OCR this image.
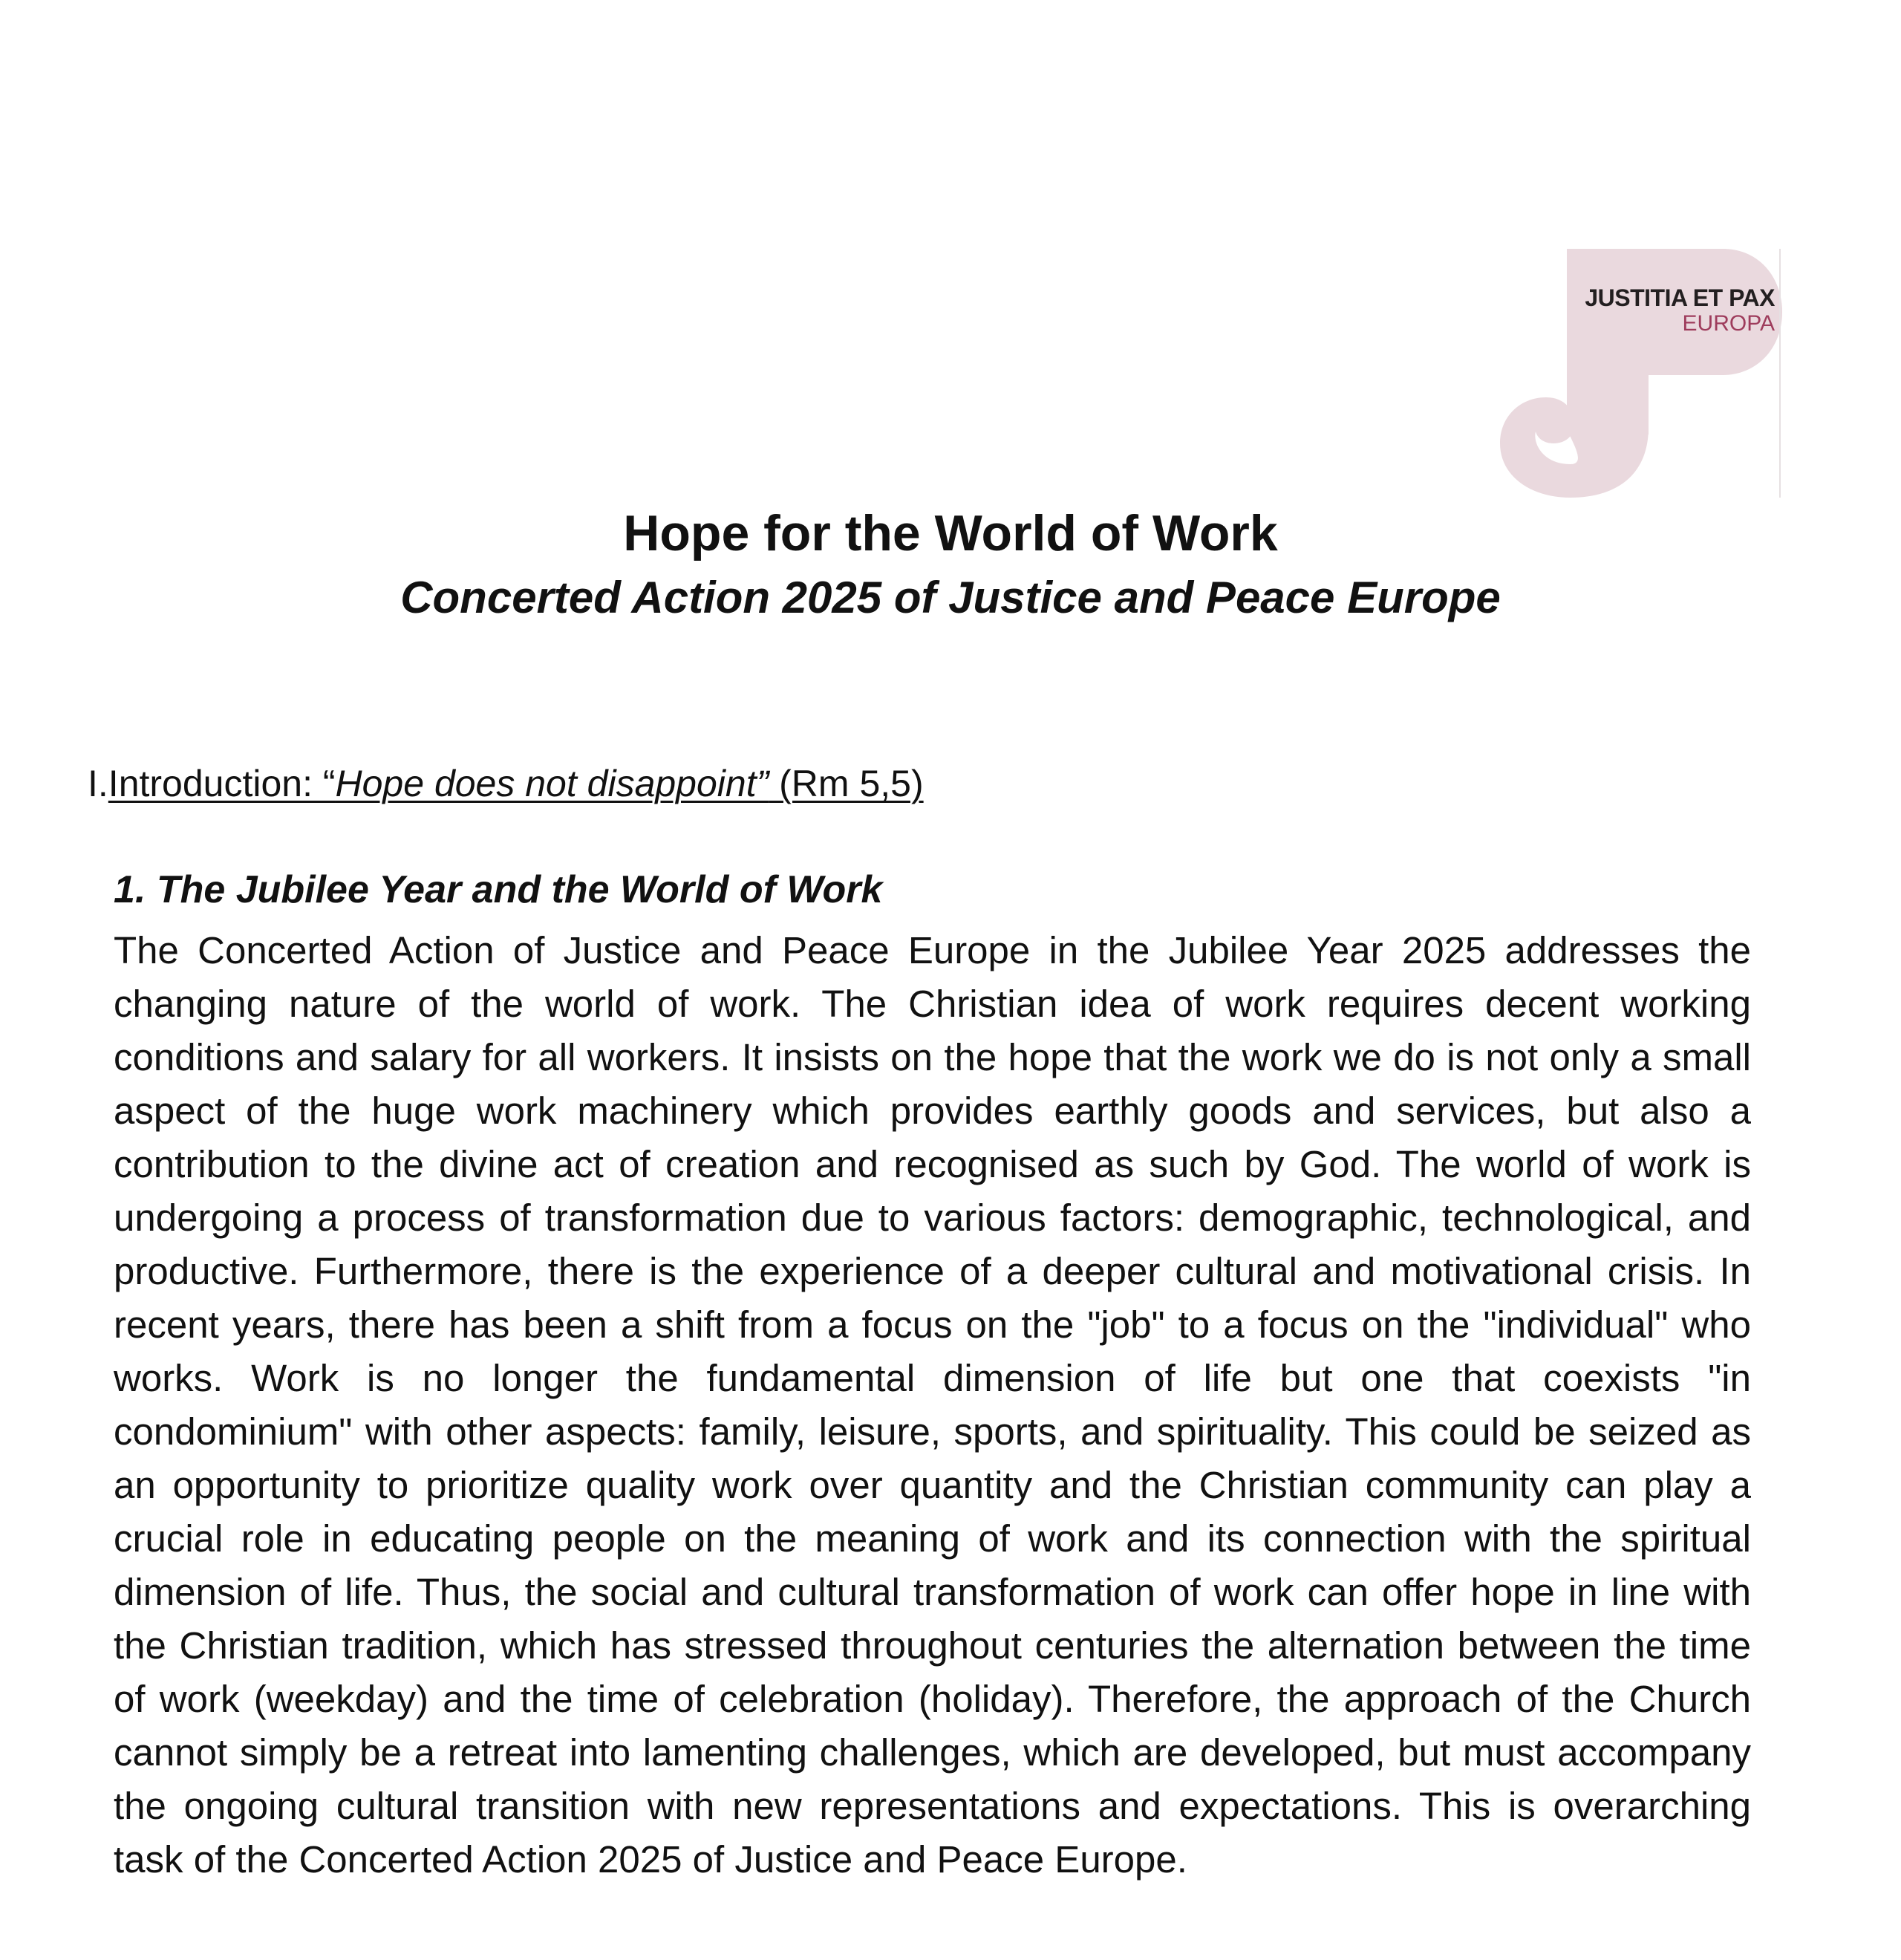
JUSTITIA ET PAX
EUROPA
Hope for the World of Work
Concerted Action 2025 of Justice and Peace Europe
I.Introduction: “Hope does not disappoint” (Rm 5,5)
1. The Jubilee Year and the World of Work

The Concerted Action of Justice and Peace Europe in the Jubilee Year 2025 addresses the changing nature of the world of work. The Christian idea of work requires decent working conditions and salary for all workers. It insists on the hope that the work we do is not only a small aspect of the huge work machinery which provides earthly goods and services, but also a contribution to the divine act of creation and recognised as such by God. The world of work is undergoing a process of transformation due to various factors: demographic, technological, and productive. Furthermore, there is the experience of a deeper cultural and motivational crisis. In recent years, there has been a shift from a focus on the "job" to a focus on the "individual" who works. Work is no longer the fundamental dimension of life but one that coexists "in condominium" with other aspects: family, leisure, sports, and spirituality. This could be seized as an opportunity to prioritize quality work over quantity and the Christian community can play a crucial role in educating people on the meaning of work and its connection with the spiritual dimension of life. Thus, the social and cultural transformation of work can offer hope in line with the Christian tradition, which has stressed throughout centuries the alternation between the time of work (weekday) and the time of celebration (holiday). Therefore, the approach of the Church cannot simply be a retreat into lamenting challenges, which are developed, but must accompany the ongoing cultural transition with new representations and expectations. This is overarching task of the Concerted Action 2025 of Justice and Peace Europe.
